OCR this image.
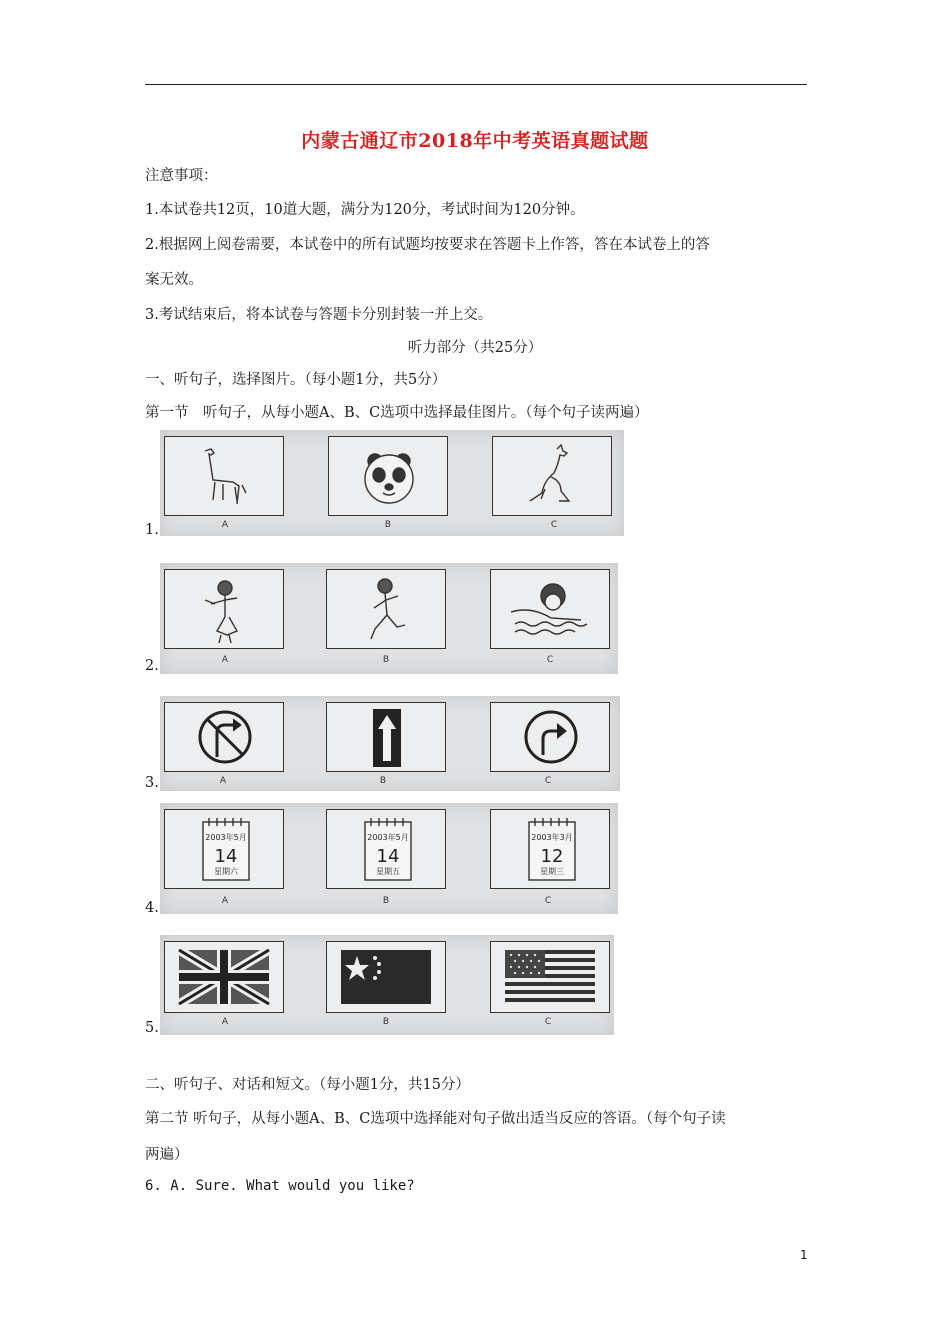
内蒙古通辽市2018年中考英语真题试题
注意事项：
1.本试卷共12页，10道大题，满分为120分，考试时间为120分钟。
2.根据网上阅卷需要，本试卷中的所有试题均按要求在答题卡上作答，答在本试卷上的答
案无效。
3.考试结束后，将本试卷与答题卡分别封装一并上交。
听力部分（共25分）
一、听句子，选择图片。（每小题1分，共5分）
第一节　听句子，从每小题A、B、C选项中选择最佳图片。（每个句子读两遍）
1.	A	B	C
2.	A	B	C
3.	A	B	C
4.
2003年5月
14
星期六
A
2003年5月
14
星期五
B
2003年3月
12
星期三
C
5.	A	B	C
二、听句子、对话和短文。（每小题1分，共15分）
第二节 听句子，从每小题A、B、C选项中选择能对句子做出适当反应的答语。（每个句子读
两遍）
6. A. Sure. What would you like?
1
